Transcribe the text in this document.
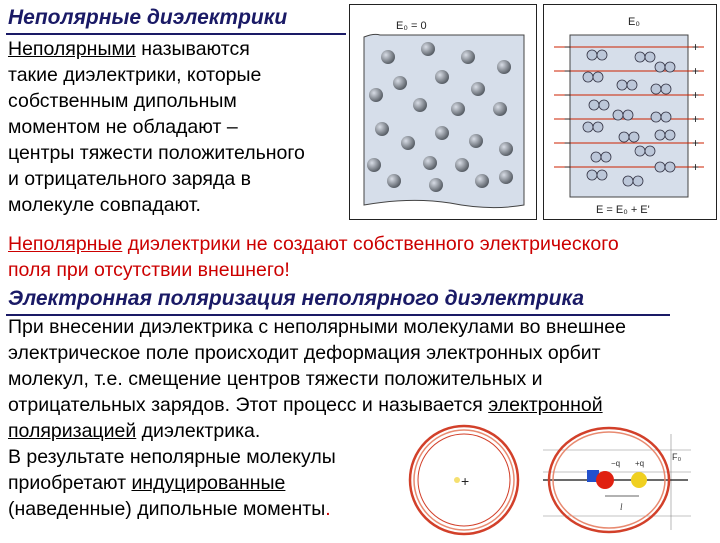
Неполярные диэлектрики
Неполярными называются
такие диэлектрики, которые
собственным дипольным
моментом не обладают –
центры тяжести положительного
и отрицательного заряда в
молекуле совпадают.
E₀ = 0	E₀
−
−
−
−
−
−
+
+
+
+
+
+
E = E₀ + E'
Неполярные диэлектрики не создают собственного электрического
поля при отсутствии внешнего!
Электронная поляризация неполярного диэлектрика
При внесении диэлектрика с неполярными молекулами во внешнее
электрическое поле происходит деформация электронных орбит
молекул, т.е. смещение центров тяжести положительных и
отрицательных зарядов. Этот процесс и называется электронной
поляризацией диэлектрика.
В результате неполярные молекулы
приобретают индуцированные
(наведенные) дипольные моменты.
+
F₀
−q +q
l
